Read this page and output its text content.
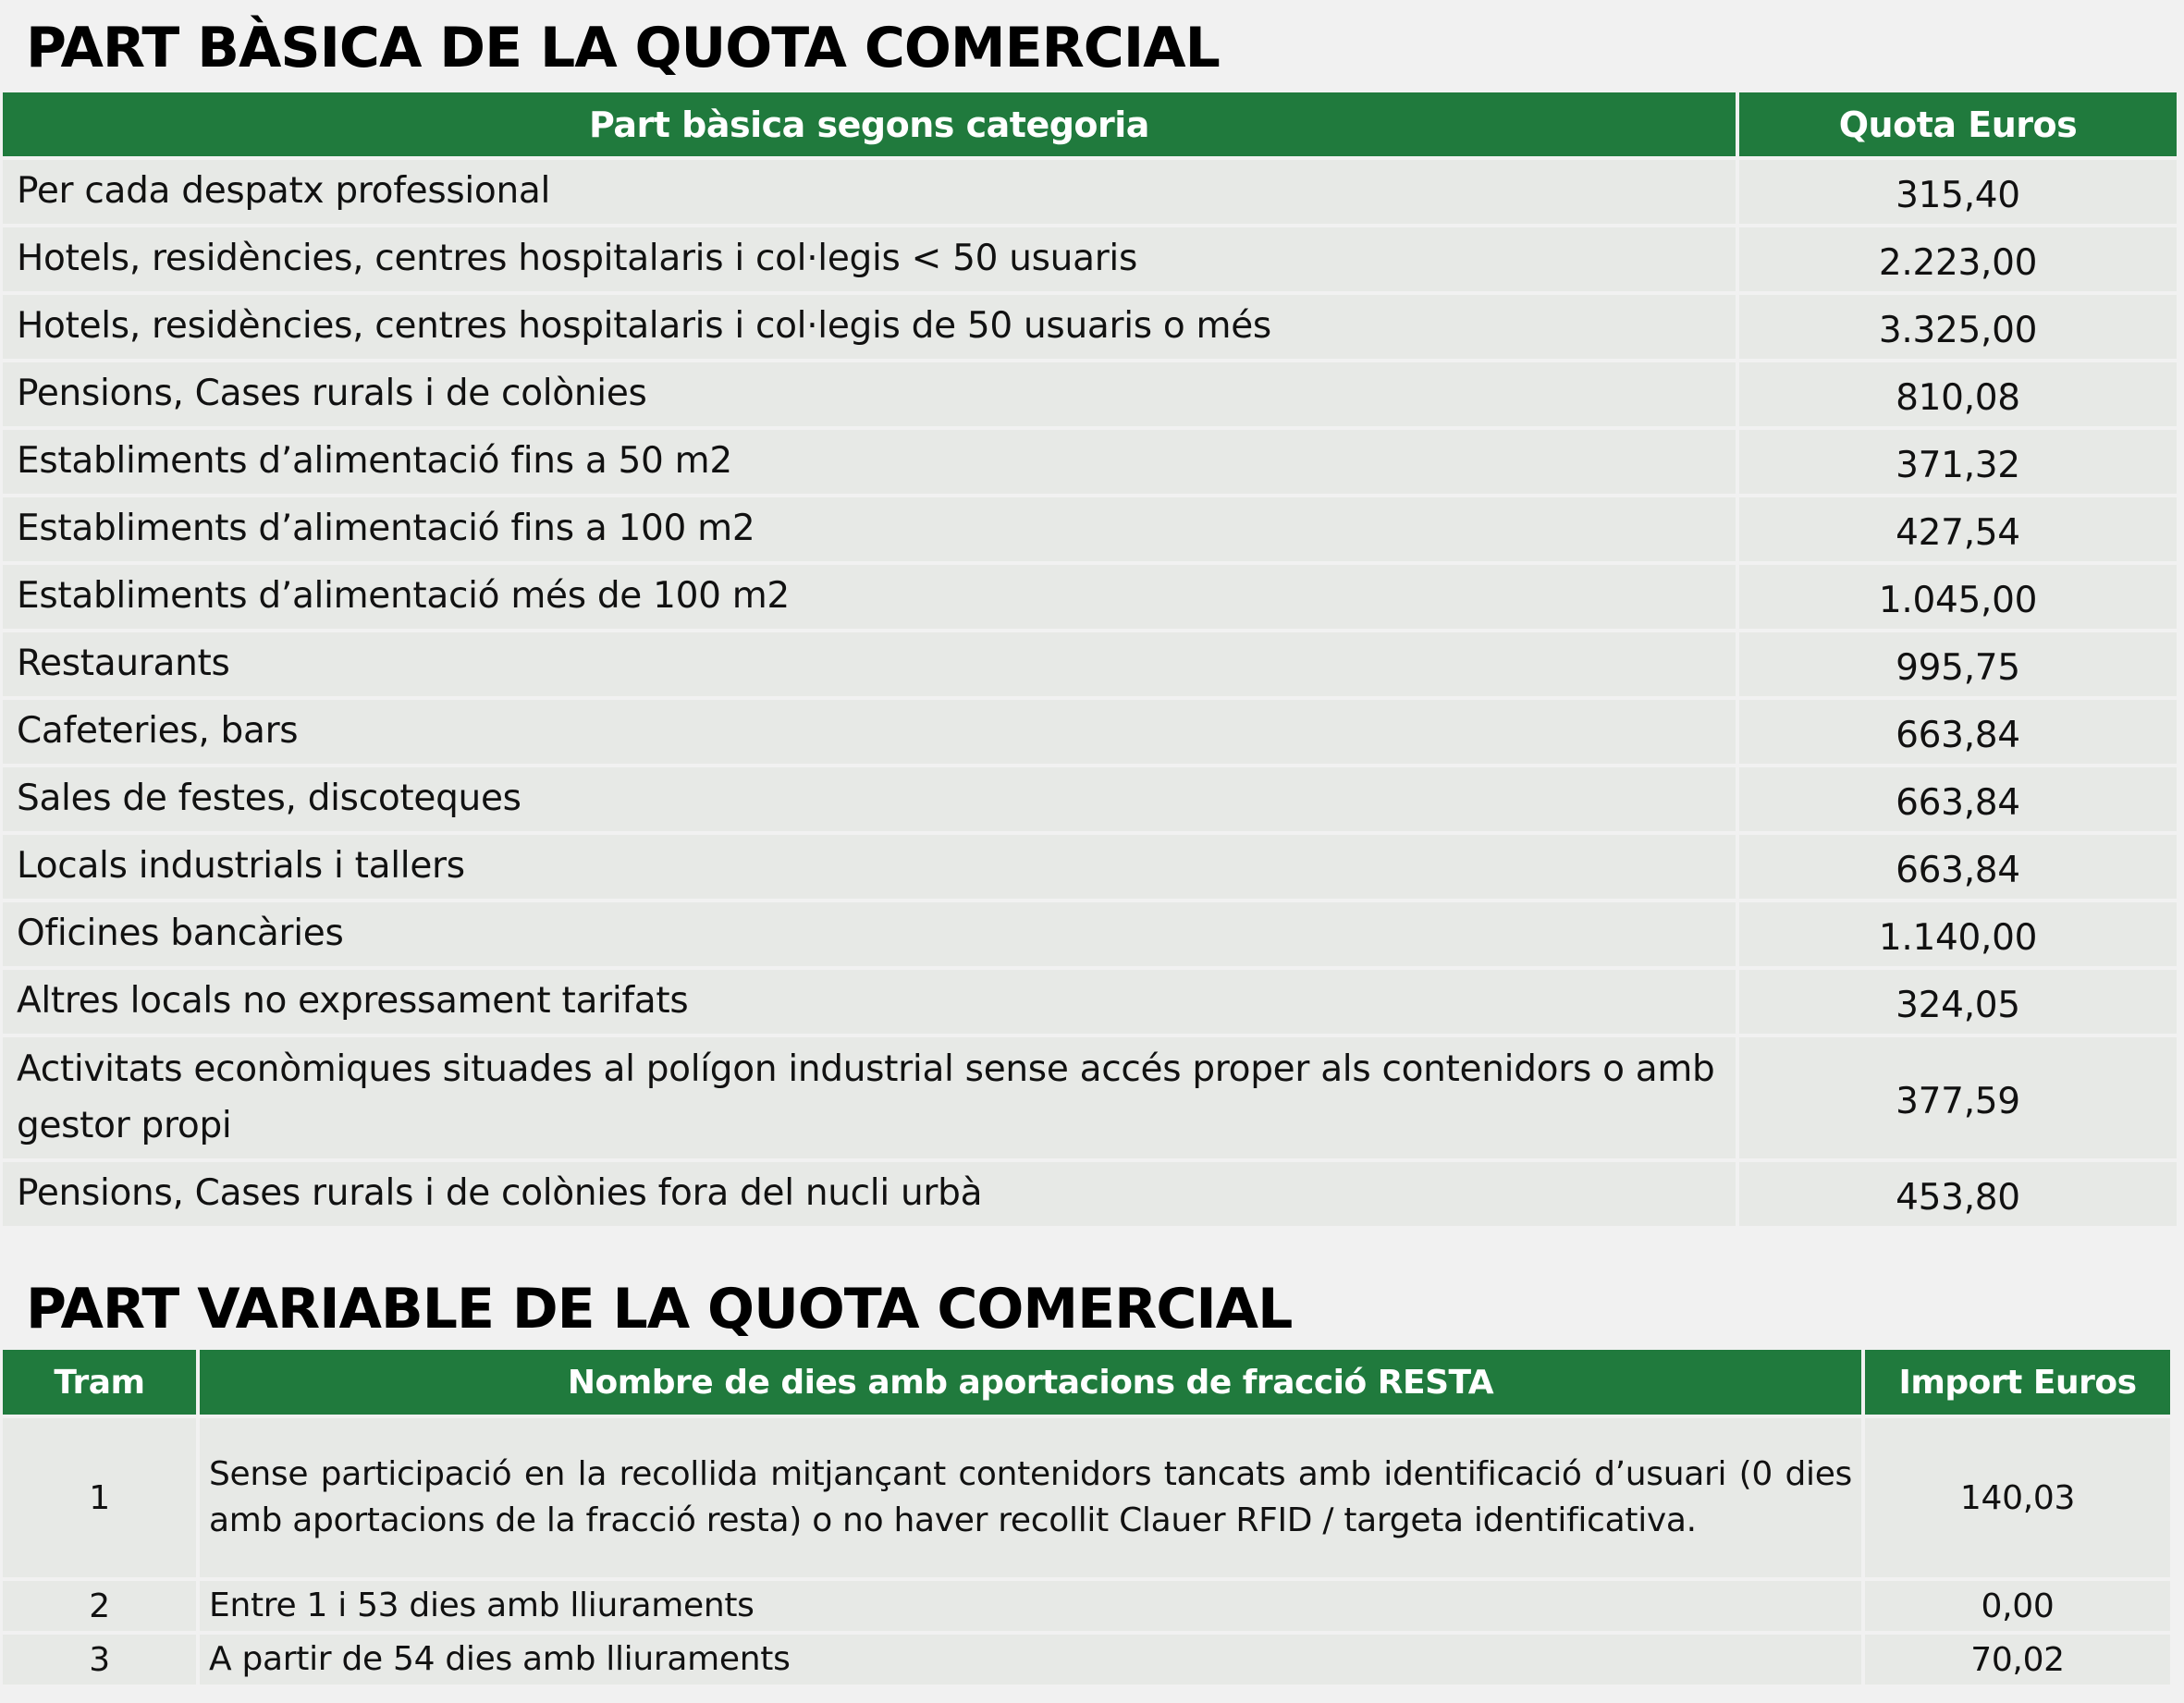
PART BÀSICA DE LA QUOTA COMERCIAL
Part bàsica segons categoria	Quota Euros
Per cada despatx professional	315,40
Hotels, residències, centres hospitalaris i col·legis < 50 usuaris	2.223,00
Hotels, residències, centres hospitalaris i col·legis de 50 usuaris o més	3.325,00
Pensions, Cases rurals i de colònies	810,08
Establiments d’alimentació fins a 50 m2	371,32
Establiments d’alimentació fins a 100 m2	427,54
Establiments d’alimentació més de 100 m2	1.045,00
Restaurants	995,75
Cafeteries, bars	663,84
Sales de festes, discoteques	663,84
Locals industrials i tallers	663,84
Oficines bancàries	1.140,00
Altres locals no expressament tarifats	324,05
Activitats econòmiques situades al polígon industrial sense accés proper als contenidors o amb gestor propi	377,59
Pensions, Cases rurals i de colònies fora del nucli urbà	453,80
PART VARIABLE DE LA QUOTA COMERCIAL
Tram	Nombre de dies amb aportacions de fracció RESTA	Import Euros
1	Sense participació en la recollida mitjançant contenidors tancats amb identificació d’usuari (0 dies amb aportacions de la fracció resta) o no haver recollit Clauer RFID / targeta identificativa.	140,03
2	Entre 1 i 53 dies amb lliuraments	0,00
3	A partir de 54 dies amb lliuraments	70,02
